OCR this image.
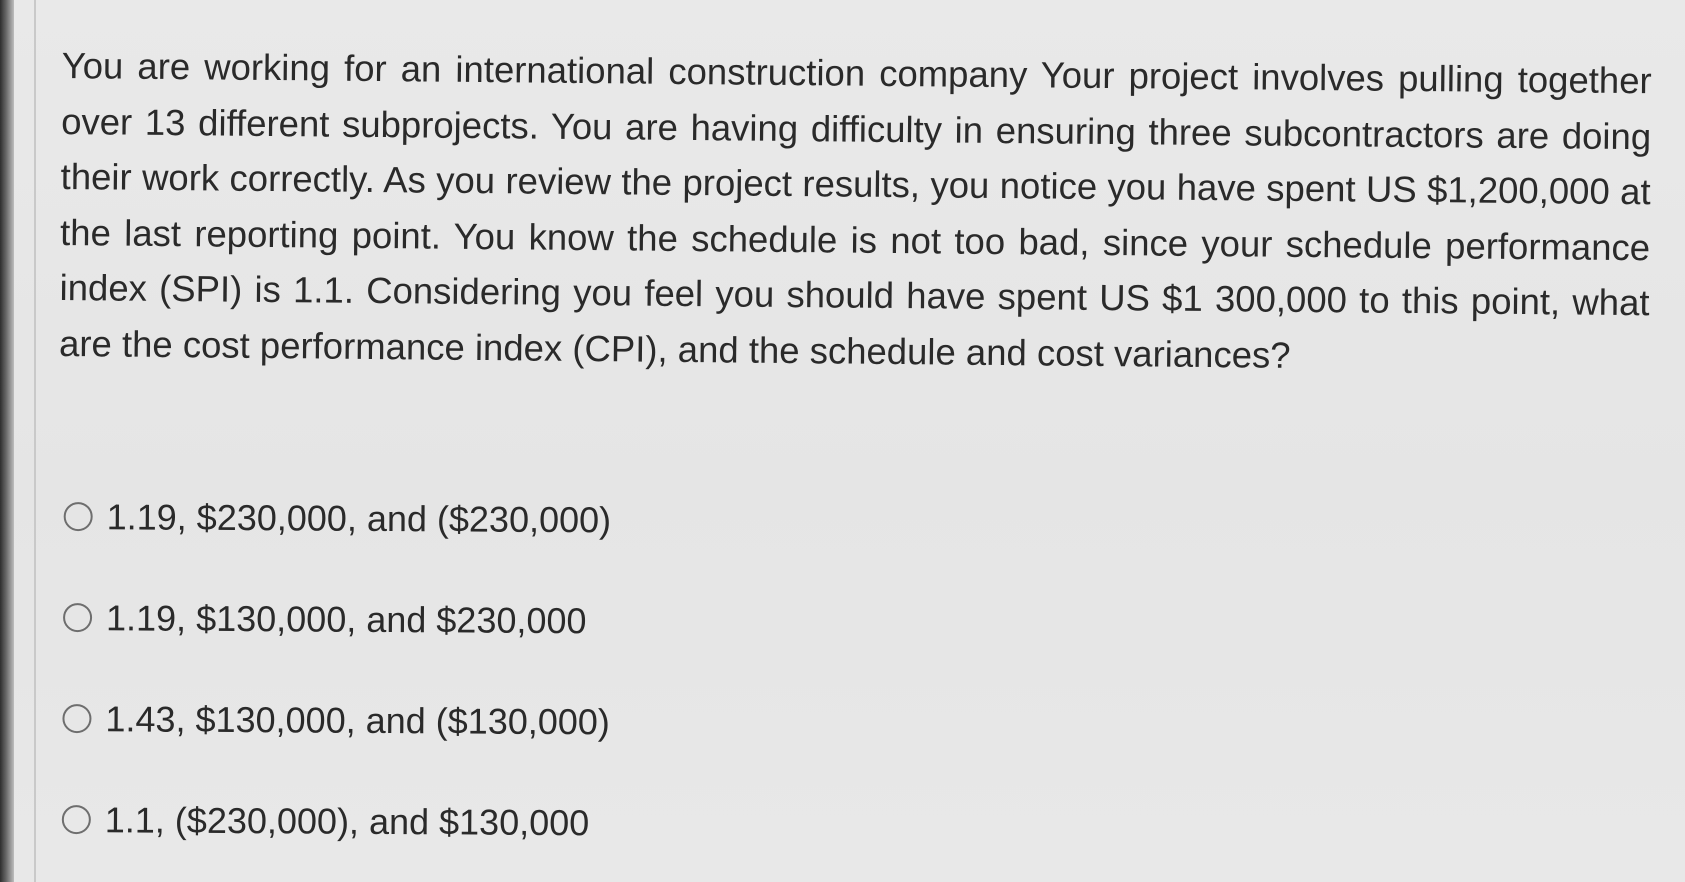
You are working for an international construction company Your project involves pulling together over 13 different subprojects. You are having difficulty in ensuring three subcontractors are doing their work correctly. As you review the project results, you notice you have spent US $1,200,000 at the last reporting point. You know the schedule is not too bad, since your schedule performance index (SPI) is 1.1. Considering you feel you should have spent US $1 300,000 to this point, what are the cost performance index (CPI), and the schedule and cost variances?

1.19, $230,000, and ($230,000)
1.19, $130,000, and $230,000
1.43, $130,000, and ($130,000)
1.1, ($230,000), and $130,000
